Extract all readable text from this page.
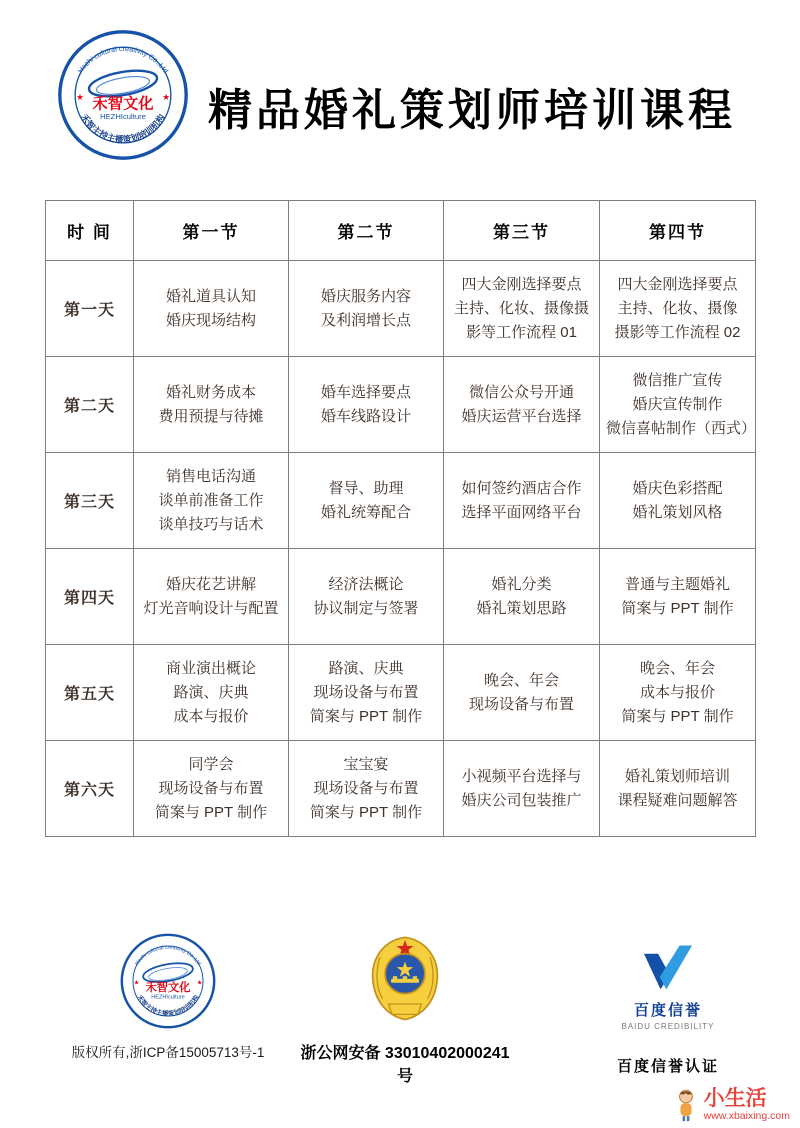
精品婚礼策划师培训课程
时 间	第一节	第二节	第三节	第四节
第一天	
婚礼道具认知
婚庆现场结构

婚庆服务内容
及利润增长点

四大金刚选择要点
主持、化妆、摄像摄
影等工作流程 01

四大金刚选择要点
主持、化妆、摄像
摄影等工作流程 02

第二天	
婚礼财务成本
费用预提与待摊

婚车选择要点
婚车线路设计

微信公众号开通
婚庆运营平台选择

微信推广宣传
婚庆宣传制作
微信喜帖制作（西式）

第三天	
销售电话沟通
谈单前准备工作
谈单技巧与话术

督导、助理
婚礼统筹配合

如何签约酒店合作
选择平面网络平台

婚庆色彩搭配
婚礼策划风格

第四天	
婚庆花艺讲解
灯光音响设计与配置

经济法概论
协议制定与签署

婚礼分类
婚礼策划思路

普通与主题婚礼
简案与 PPT 制作

第五天	
商业演出概论
路演、庆典
成本与报价

路演、庆典
现场设备与布置
简案与 PPT 制作

晚会、年会
现场设备与布置

晚会、年会
成本与报价
简案与 PPT 制作

第六天	
同学会
现场设备与布置
简案与 PPT 制作

宝宝宴
现场设备与布置
简案与 PPT 制作

小视频平台选择与
婚庆公司包装推广

婚礼策划师培训
课程疑难问题解答
版权所有,浙ICP备15005713号-1	浙公网安备 33010402000241号
百度信誉
BAIDU CREDIBILITY
百度信誉认证
小生活
www.xbaixing.com
